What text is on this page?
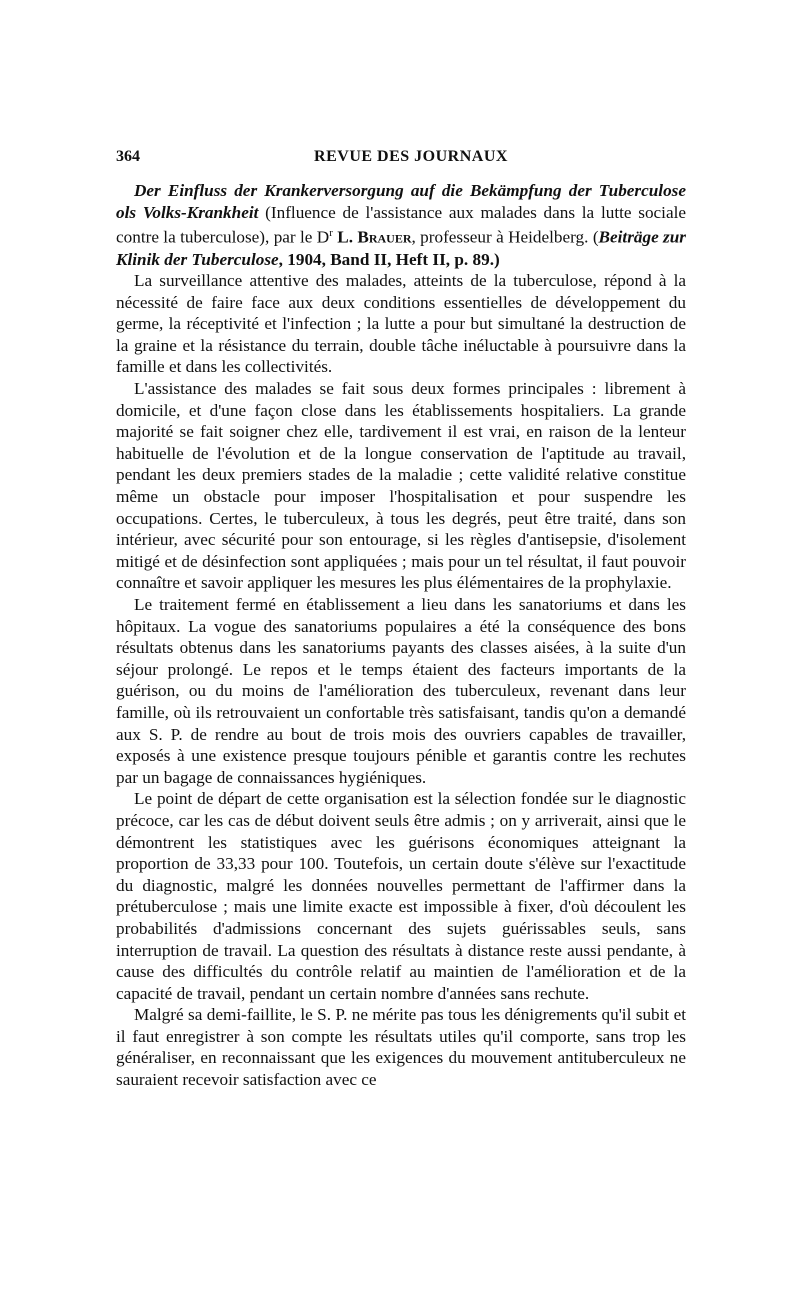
364	REVUE DES JOURNAUX

Der Einfluss der Krankerversorgung auf die Bekämpfung der Tuberculose ols Volks-Krankheit (Influence de l'assistance aux malades dans la lutte sociale contre la tuberculose), par le $D^r$ L. Brauer, professeur à Heidelberg. (Beiträge zur Klinik der Tuberculose, 1904, Band II, Heft II, p. 89.)

La surveillance attentive des malades, atteints de la tuberculose, répond à la nécessité de faire face aux deux conditions essentielles de développement du germe, la réceptivité et l'infection ; la lutte a pour but simultané la destruction de la graine et la résistance du terrain, double tâche inéluctable à poursuivre dans la famille et dans les collectivités.

L'assistance des malades se fait sous deux formes principales : librement à domicile, et d'une façon close dans les établissements hospitaliers. La grande majorité se fait soigner chez elle, tardivement il est vrai, en raison de la lenteur habituelle de l'évolution et de la longue conservation de l'aptitude au travail, pendant les deux premiers stades de la maladie ; cette validité relative constitue même un obstacle pour imposer l'hospitalisation et pour suspendre les occupations. Certes, le tuberculeux, à tous les degrés, peut être traité, dans son intérieur, avec sécurité pour son entourage, si les règles d'antisepsie, d'isolement mitigé et de désinfection sont appliquées ; mais pour un tel résultat, il faut pouvoir connaître et savoir appliquer les mesures les plus élémentaires de la prophylaxie.

Le traitement fermé en établissement a lieu dans les sanatoriums et dans les hôpitaux. La vogue des sanatoriums populaires a été la conséquence des bons résultats obtenus dans les sanatoriums payants des classes aisées, à la suite d'un séjour prolongé. Le repos et le temps étaient des facteurs importants de la guérison, ou du moins de l'amélioration des tuberculeux, revenant dans leur famille, où ils retrouvaient un confortable très satisfaisant, tandis qu'on a demandé aux S. P. de rendre au bout de trois mois des ouvriers capables de travailler, exposés à une existence presque toujours pénible et garantis contre les rechutes par un bagage de connaissances hygiéniques.

Le point de départ de cette organisation est la sélection fondée sur le diagnostic précoce, car les cas de début doivent seuls être admis ; on y arriverait, ainsi que le démontrent les statistiques avec les guérisons économiques atteignant la proportion de 33,33 pour 100. Toutefois, un certain doute s'élève sur l'exactitude du diagnostic, malgré les données nouvelles permettant de l'affirmer dans la prétuberculose ; mais une limite exacte est impossible à fixer, d'où découlent les probabilités d'admissions concernant des sujets guérissables seuls, sans interruption de travail. La question des résultats à distance reste aussi pendante, à cause des difficultés du contrôle relatif au maintien de l'amélioration et de la capacité de travail, pendant un certain nombre d'années sans rechute.

Malgré sa demi-faillite, le S. P. ne mérite pas tous les dénigrements qu'il subit et il faut enregistrer à son compte les résultats utiles qu'il comporte, sans trop les généraliser, en reconnaissant que les exigences du mouvement antituberculeux ne sauraient recevoir satisfaction avec ce
